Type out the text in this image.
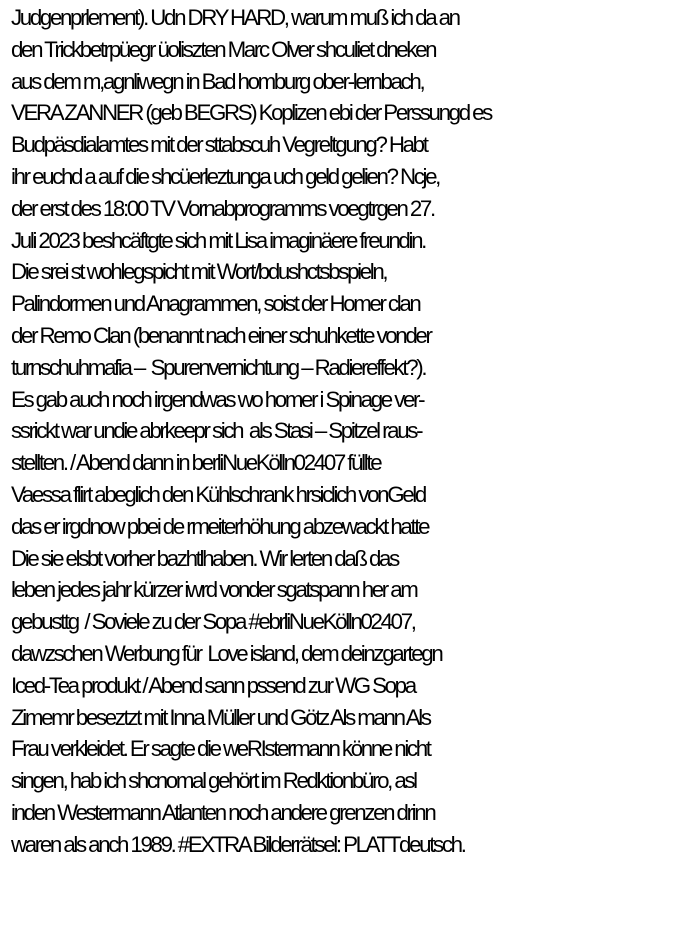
Judgenprlement). Udn DRY HARD, warum muß ich da an
den Trickbetrpüegr üoliszten Marc Olver shculiet dneken
aus dem m,agnliwegn in Bad homburg ober-lernbach,
VERA ZANNER (geb BEGRS) Koplizen ebi der Perssungd es
Budpäsdialamtes mit der sttabscuh Vegreltgung? Habt
ihr euchd a auf die shcüerleztunga uch geld gelien? Ncje,
der erst des 18:00 TV Vornabprogramms voegtrgen 27.
Juli 2023 beshcäftgte sich mit Lisa imaginäere freundin.
Die srei st wohlegspicht mit Wort/bdushctsbspieln,
Palindormen und Anagrammen, soist der Homer clan
der Remo Clan (benannt nach einer schuhkette vonder
turnschuhmafia –  Spurenvernichtung – Radiereffekt?).
Es gab auch noch irgendwas wo homer i Spinage ver-
ssrickt war undie abrkeepr sich  als Stasi – Spitzel raus-
stellten. / Abend dann in berliNueKölln02407 füllte
Vaessa flirt abeglich den Kühlschrank hrsiclich vonGeld
das er irgdnow pbei de rmeiterhöhung abzewackt hatte
Die sie elsbt vorher bazhtlhaben. Wir lerten daß das
leben jedes jahr kürzer iwrd vonder sgatspann her am
gebusttg  / Soviele zu der Sopa #ebrliNueKölln02407,
dawzschen Werbung für  Love island, dem deinzgartegn
Iced-Tea produkt / Abend sann pssend zur WG Sopa
Zimemr beseztzt mit Inna Müller und Götz Als mann Als
Frau verkleidet. Er sagte die weRIstermann könne nicht
singen, hab ich shcnomal gehört im Redktionbüro, asl
inden Westermann Atlanten noch andere grenzen drinn
waren als anch 1989. #EXTRA Bilderrätsel: PLATTdeutsch.
